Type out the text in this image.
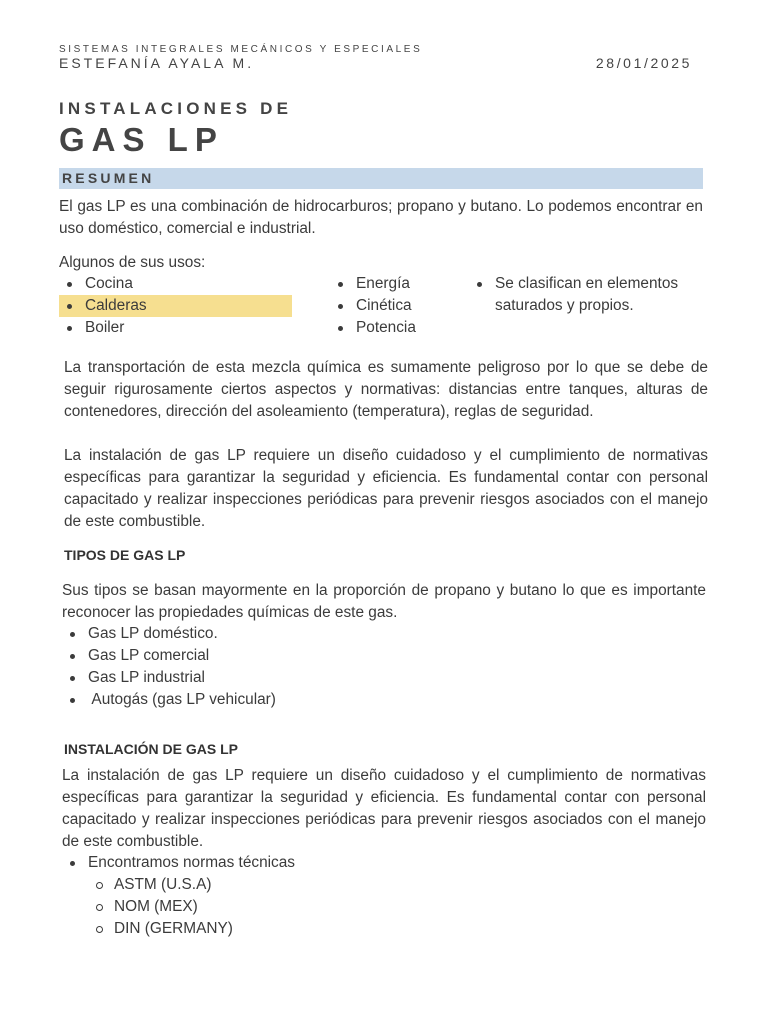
SISTEMAS INTEGRALES MECÁNICOS Y ESPECIALES
ESTEFANÍA AYALA M.	28/01/2025
INSTALACIONES DE
GAS LP
RESUMEN
El gas LP es una combinación de hidrocarburos; propano y butano. Lo podemos encontrar en uso doméstico, comercial e industrial.
Algunos de sus usos:
Cocina
Calderas
Boiler
Energía
Cinética
Potencia
Se clasifican en elementos saturados y propios.
La transportación de esta mezcla química es sumamente peligroso por lo que se debe de seguir rigurosamente ciertos aspectos y normativas: distancias entre tanques, alturas de contenedores, dirección del asoleamiento (temperatura), reglas de seguridad.
La instalación de gas LP requiere un diseño cuidadoso y el cumplimiento de normativas específicas para garantizar la seguridad y eficiencia. Es fundamental contar con personal capacitado y realizar inspecciones periódicas para prevenir riesgos asociados con el manejo de este combustible.
TIPOS DE GAS LP
Sus tipos se basan mayormente en la proporción de propano y butano lo que es importante reconocer las propiedades químicas de este gas.
Gas LP doméstico.
Gas LP comercial
Gas LP industrial
Autogás (gas LP vehicular)
INSTALACIÓN DE GAS LP
La instalación de gas LP requiere un diseño cuidadoso y el cumplimiento de normativas específicas para garantizar la seguridad y eficiencia. Es fundamental contar con personal capacitado y realizar inspecciones periódicas para prevenir riesgos asociados con el manejo de este combustible.
Encontramos normas técnicas
ASTM (U.S.A)
NOM (MEX)
DIN (GERMANY)
